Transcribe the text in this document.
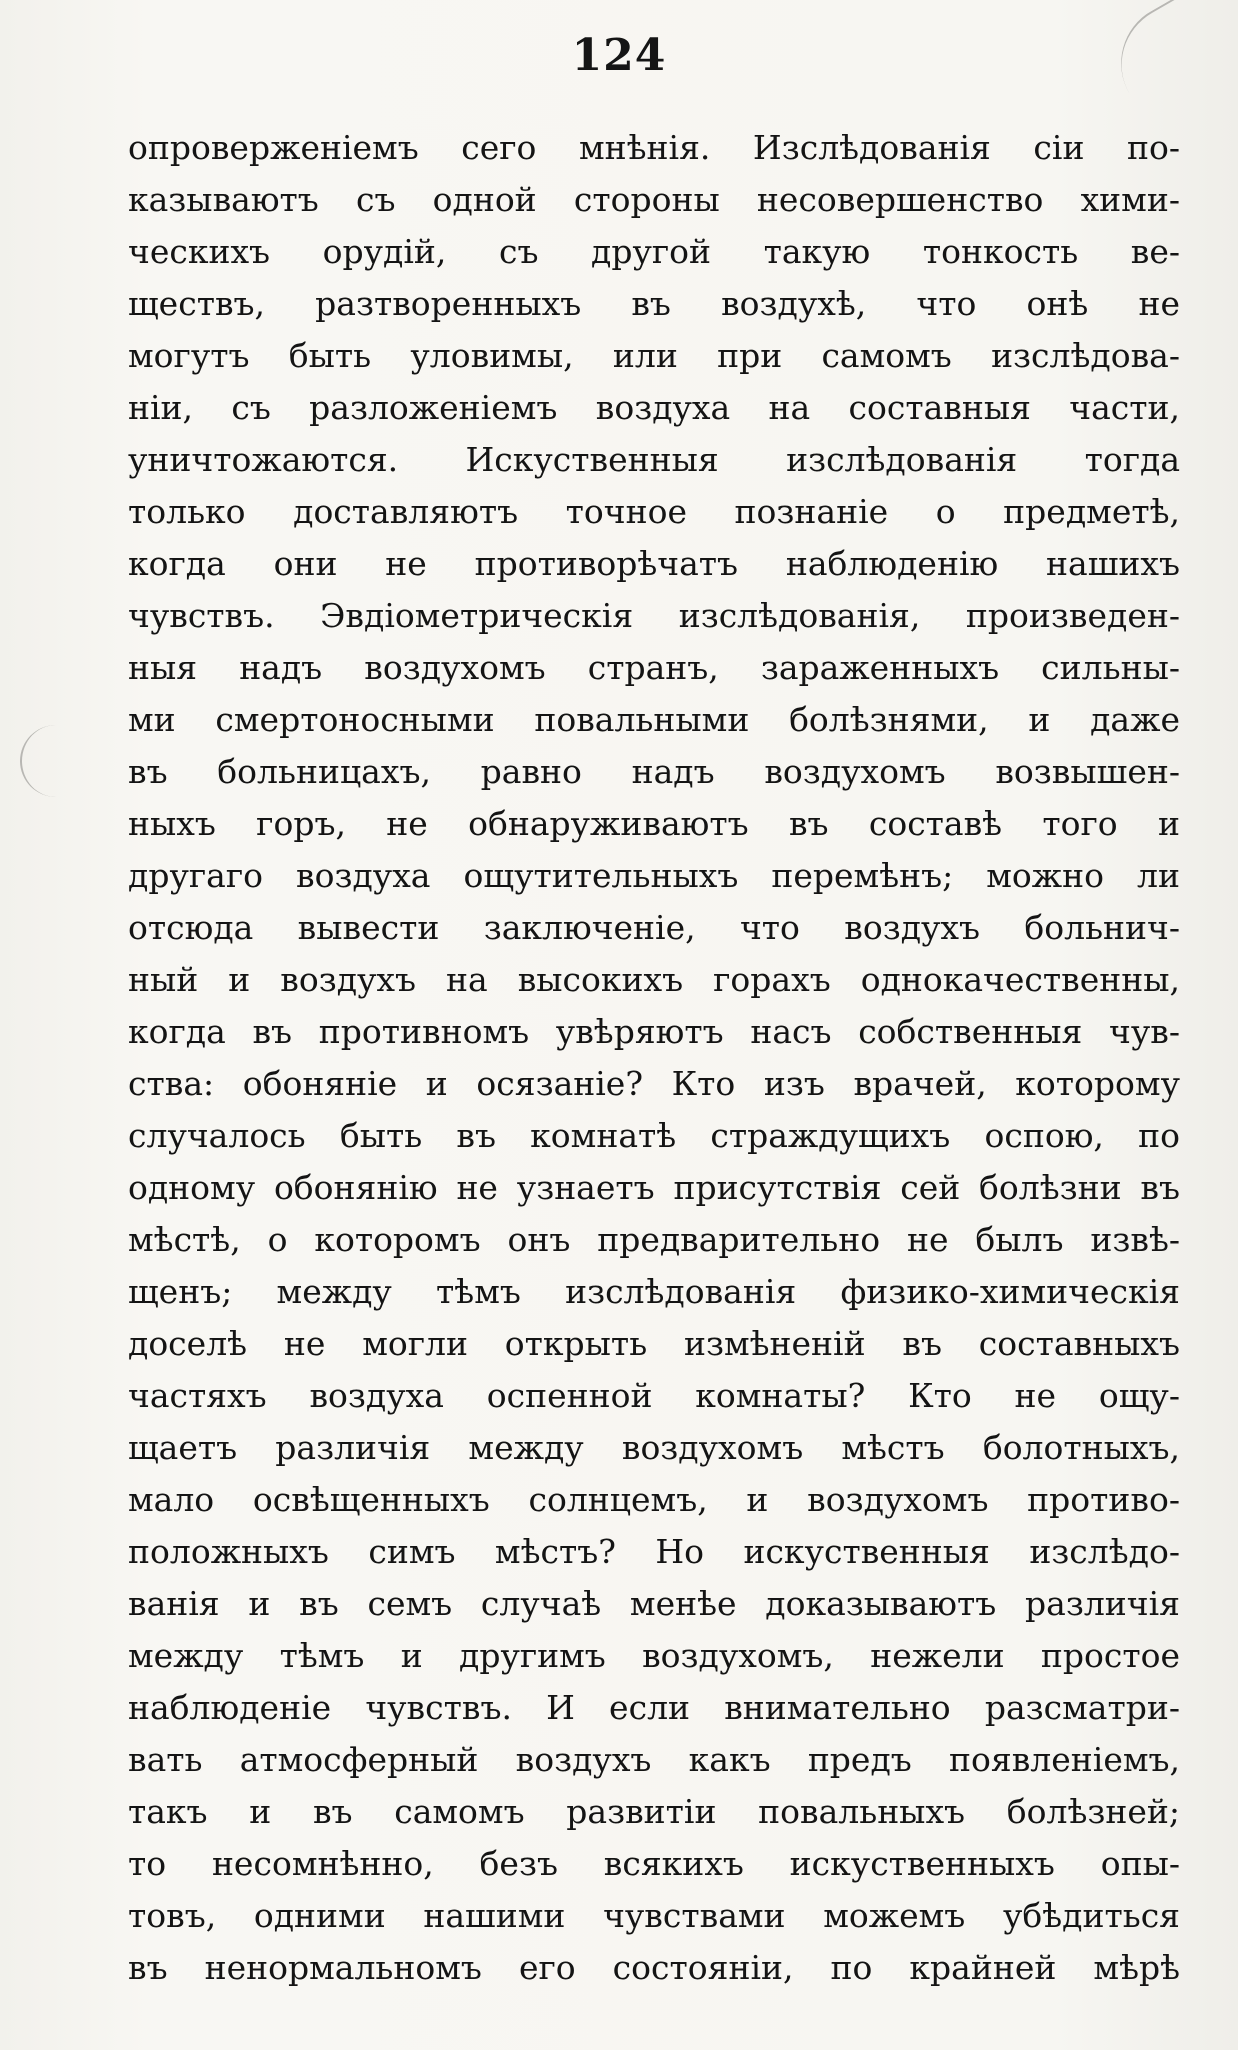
124
опроверженіемъ сего мнѣнія. Изслѣдованія сіи по-
казываютъ съ одной стороны несовершенство хими-
ческихъ орудій, съ другой такую тонкость ве-
ществъ, разтворенныхъ въ воздухѣ, что онѣ не
могутъ быть уловимы, или при самомъ изслѣдова-
ніи, съ разложеніемъ воздуха на составныя части,
уничтожаются. Искуственныя изслѣдованія тогда
только доставляютъ точное познаніе о предметѣ,
когда они не противорѣчатъ наблюденію нашихъ
чувствъ. Эвдіометрическія изслѣдованія, произведен-
ныя надъ воздухомъ странъ, зараженныхъ сильны-
ми смертоносными повальными болѣзнями, и даже
въ больницахъ, равно надъ воздухомъ возвышен-
ныхъ горъ, не обнаруживаютъ въ составѣ того и
другаго воздуха ощутительныхъ перемѣнъ; можно ли
отсюда вывести заключеніе, что воздухъ больнич-
ный и воздухъ на высокихъ горахъ однокачественны,
когда въ противномъ увѣряютъ насъ собственныя чув-
ства: обоняніе и осязаніе? Кто изъ врачей, которому
случалось быть въ комнатѣ страждущихъ оспою, по
одному обонянію не узнаетъ присутствія сей болѣзни въ
мѣстѣ, о которомъ онъ предварительно не былъ извѣ-
щенъ; между тѣмъ изслѣдованія физико-химическія
доселѣ не могли открыть измѣненій въ составныхъ
частяхъ воздуха оспенной комнаты? Кто не ощу-
щаетъ различія между воздухомъ мѣстъ болотныхъ,
мало освѣщенныхъ солнцемъ, и воздухомъ противо-
положныхъ симъ мѣстъ? Но искуственныя изслѣдо-
ванія и въ семъ случаѣ менѣе доказываютъ различія
между тѣмъ и другимъ воздухомъ, нежели простое
наблюденіе чувствъ. И если внимательно разсматри-
вать атмосферный воздухъ какъ предъ появленіемъ,
такъ и въ самомъ развитіи повальныхъ болѣзней;
то несомнѣнно, безъ всякихъ искуственныхъ опы-
товъ, одними нашими чувствами можемъ убѣдиться
въ ненормальномъ его состояніи, по крайней мѣрѣ
